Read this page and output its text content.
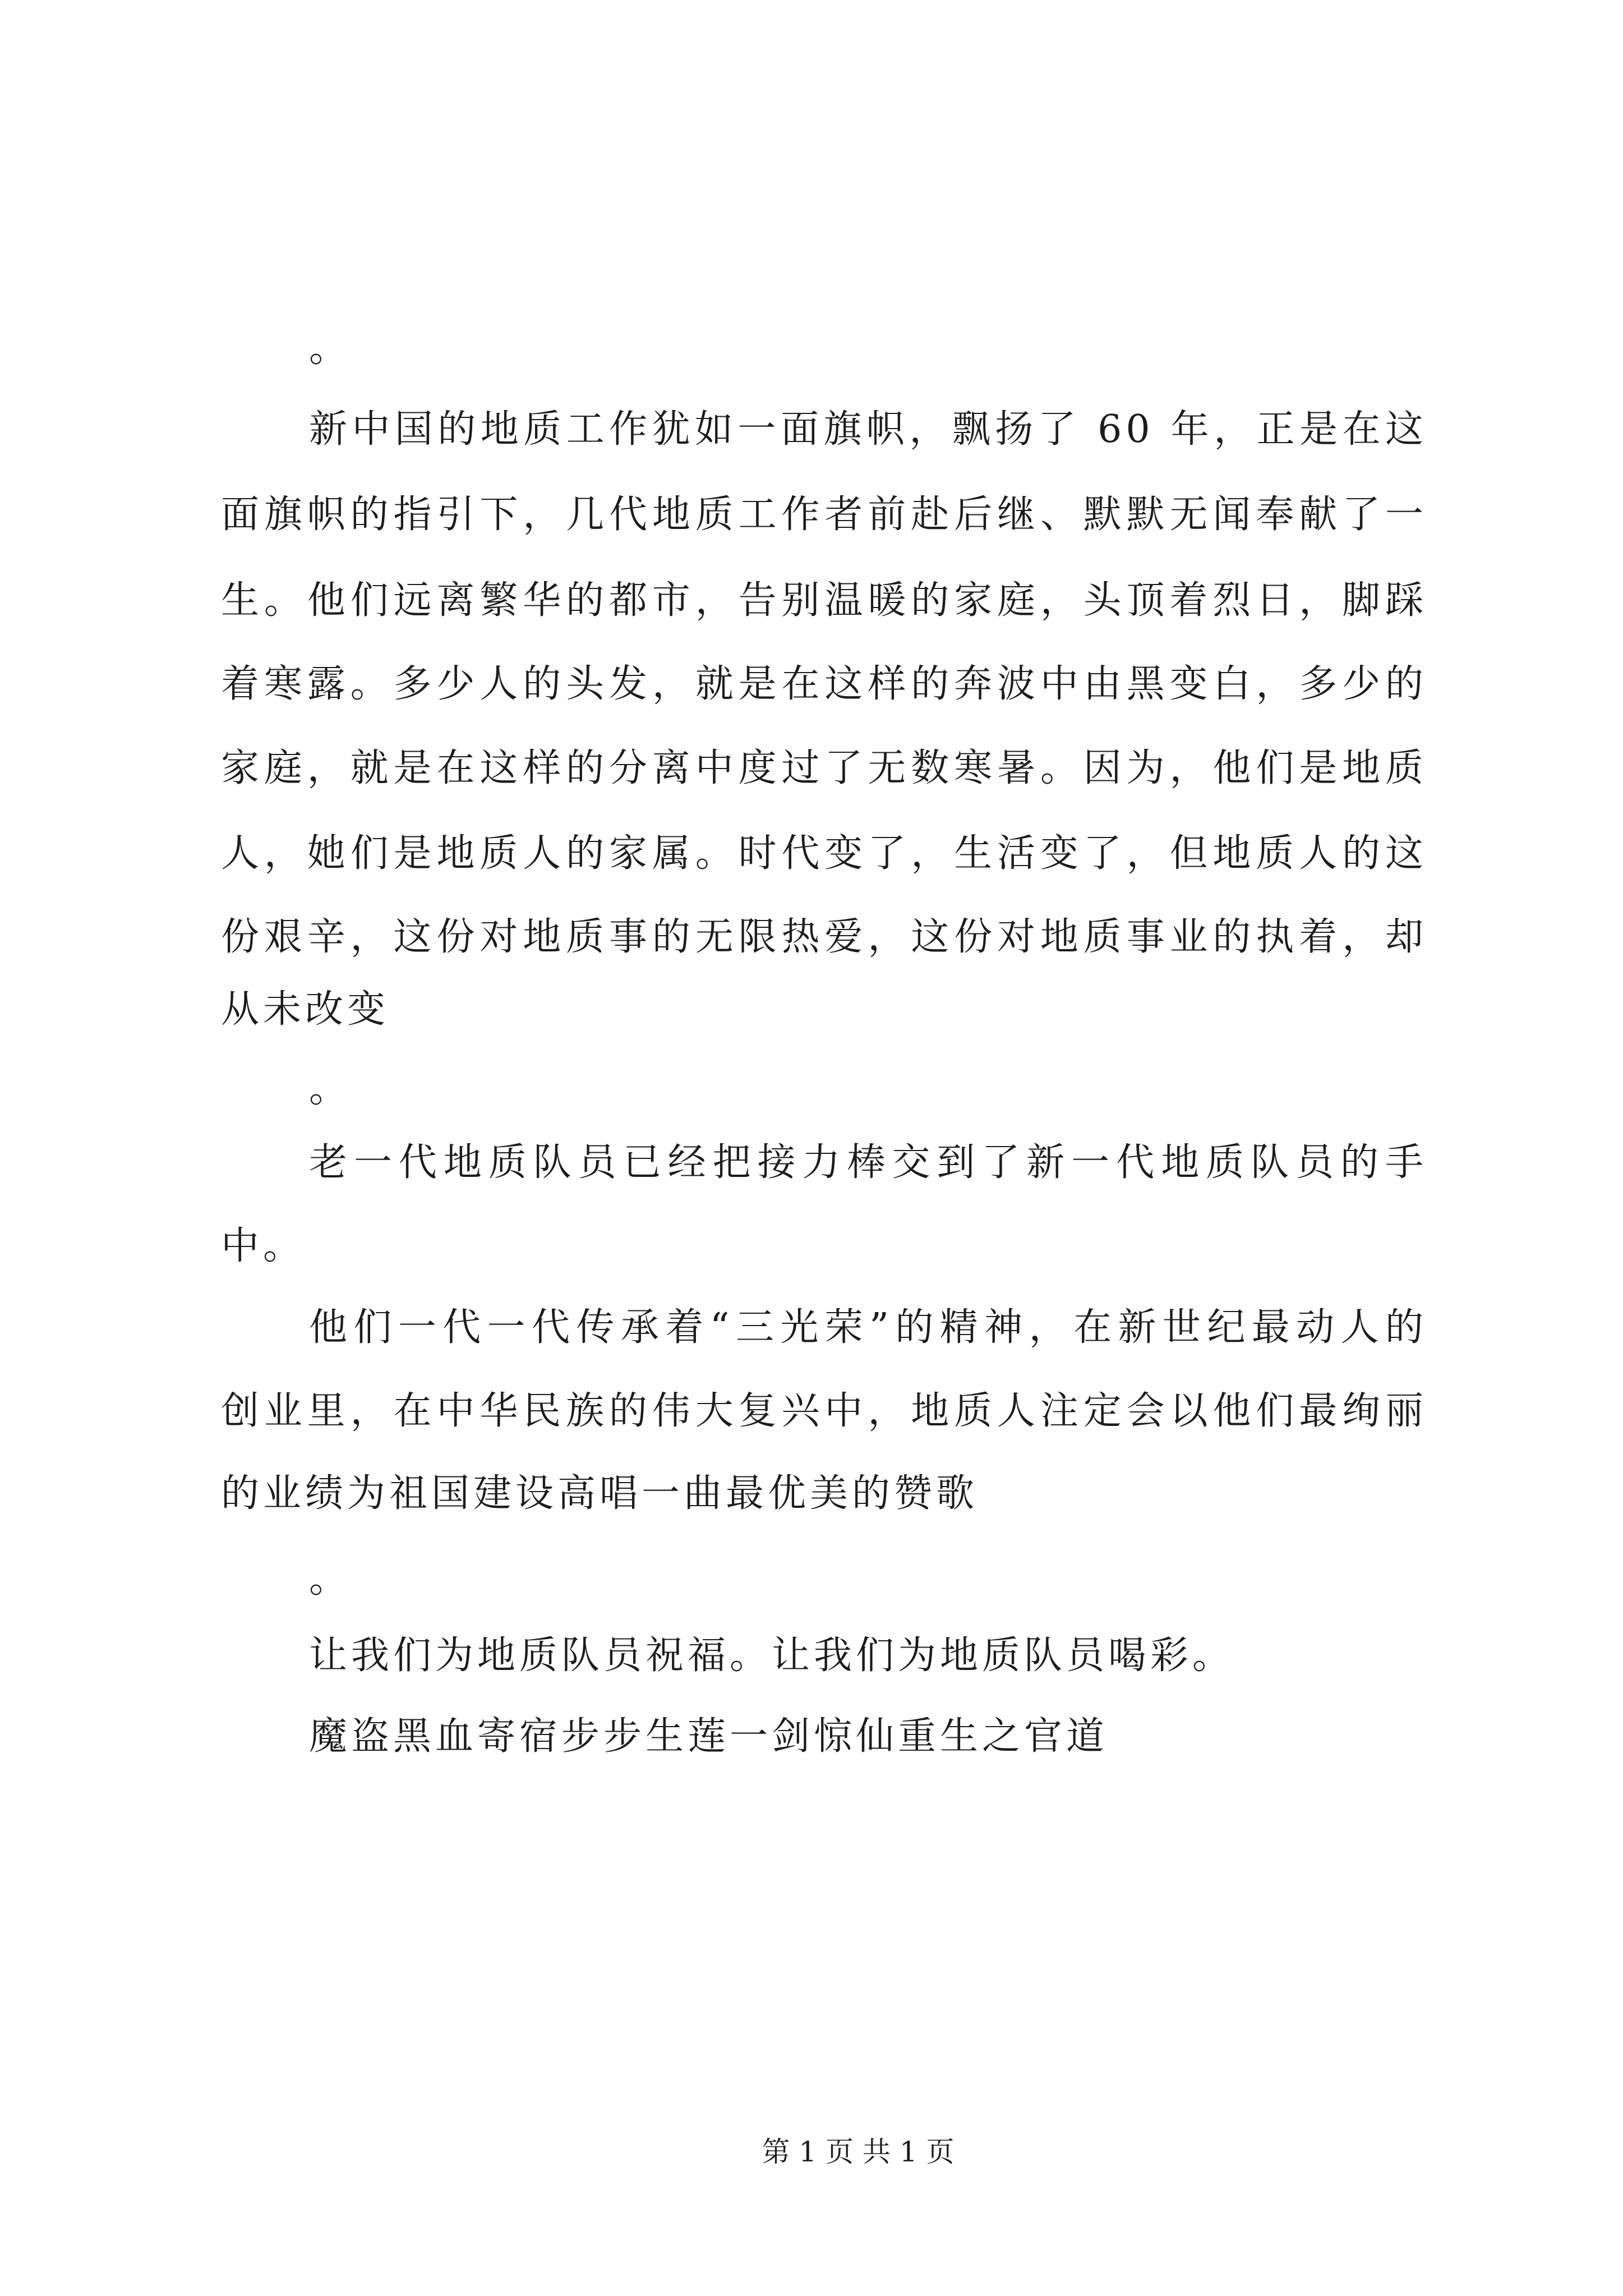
。
新中国的地质工作犹如一面旗帜，飘扬了 60 年，正是在这
面旗帜的指引下，几代地质工作者前赴后继、默默无闻奉献了一
生。他们远离繁华的都市，告别温暖的家庭，头顶着烈日，脚踩
着寒露。多少人的头发，就是在这样的奔波中由黑变白，多少的
家庭，就是在这样的分离中度过了无数寒暑。因为，他们是地质
人，她们是地质人的家属。时代变了，生活变了，但地质人的这
份艰辛，这份对地质事的无限热爱，这份对地质事业的执着，却
从未改变
。
老一代地质队员已经把接力棒交到了新一代地质队员的手
中。
他们一代一代传承着“三光荣”的精神，在新世纪最动人的
创业里，在中华民族的伟大复兴中，地质人注定会以他们最绚丽
的业绩为祖国建设高唱一曲最优美的赞歌
。
让我们为地质队员祝福。让我们为地质队员喝彩。
魔盗黑血寄宿步步生莲一剑惊仙重生之官道
第 1 页 共 1 页
